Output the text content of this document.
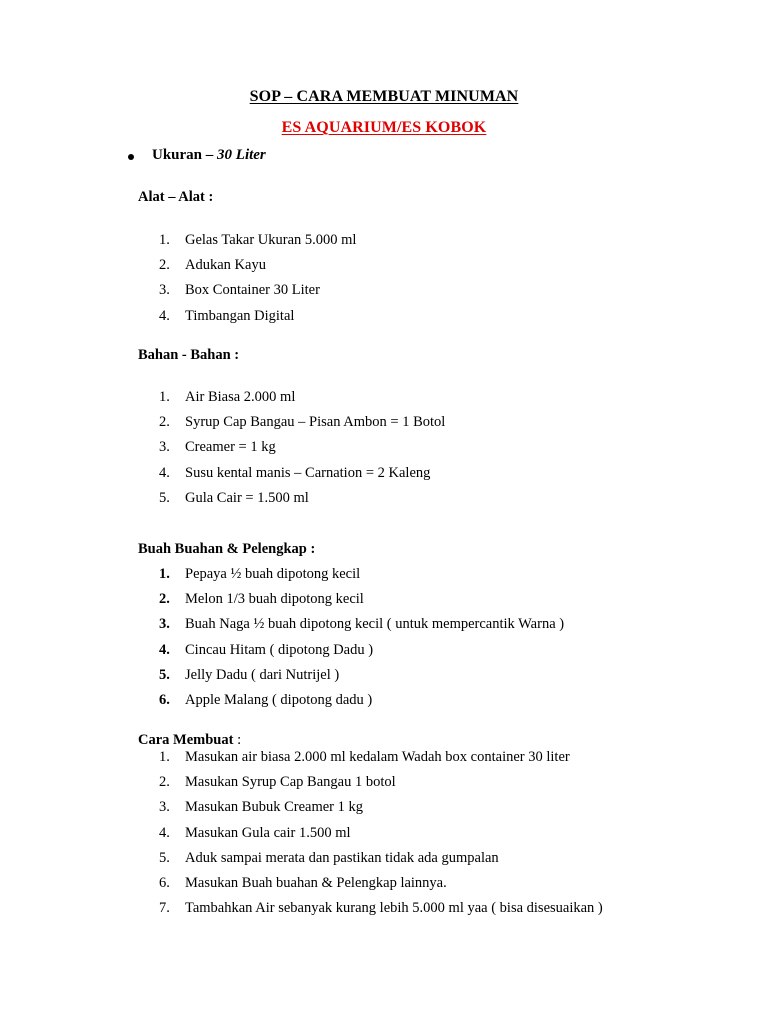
SOP – CARA MEMBUAT MINUMAN
ES AQUARIUM/ES KOBOK
Ukuran – 30 Liter
Alat – Alat :
1.	Gelas Takar Ukuran 5.000 ml
2.	Adukan Kayu
3.	Box Container 30 Liter
4.	Timbangan Digital
Bahan - Bahan :
1.	Air Biasa 2.000 ml
2.	Syrup Cap Bangau – Pisan Ambon = 1 Botol
3.	Creamer = 1 kg
4.	Susu kental manis – Carnation = 2 Kaleng
5.	Gula Cair = 1.500 ml
Buah Buahan & Pelengkap :
1.	Pepaya ½ buah dipotong kecil
2.	Melon 1/3 buah dipotong kecil
3.	Buah Naga ½ buah dipotong kecil ( untuk mempercantik Warna )
4.	Cincau Hitam ( dipotong Dadu )
5.	Jelly Dadu ( dari Nutrijel )
6.	Apple Malang ( dipotong dadu )
Cara Membuat :
1.	Masukan air biasa 2.000 ml kedalam Wadah box container 30 liter
2.	Masukan Syrup Cap Bangau 1 botol
3.	Masukan Bubuk Creamer 1 kg
4.	Masukan Gula cair 1.500 ml
5.	Aduk sampai merata dan pastikan tidak ada gumpalan
6.	Masukan Buah buahan & Pelengkap lainnya.
7.	Tambahkan Air sebanyak kurang lebih 5.000 ml yaa ( bisa disesuaikan )
